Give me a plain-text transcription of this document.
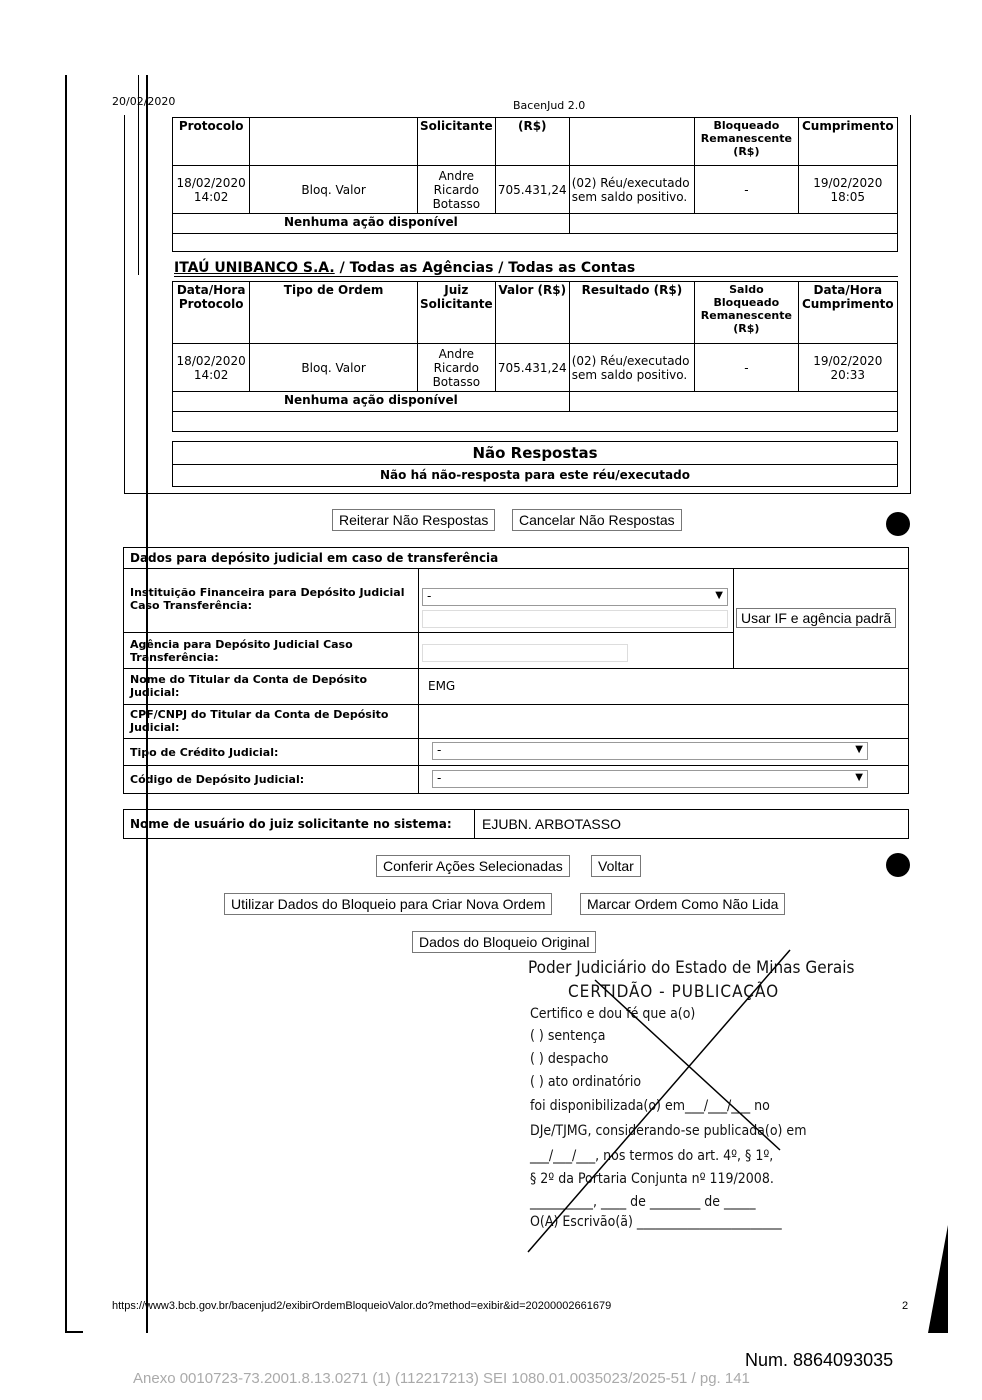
20/02/2020	BacenJud 2.0
Protocolo		Solicitante	(R$)		Bloqueado Remanescente (R$)	Cumprimento
18/02/2020 14:02	Bloq. Valor	Andre Ricardo Botasso	705.431,24	(02) Réu/executado sem saldo positivo.	-	19/02/2020 18:05
Nenhuma ação disponível						

ITAÚ UNIBANCO S.A. / Todas as Agências / Todas as Contas
Data/Hora Protocolo	Tipo de Ordem	Juiz Solicitante	Valor (R$)	Resultado (R$)	Saldo Bloqueado Remanescente (R$)	Data/Hora Cumprimento
18/02/2020 14:02	Bloq. Valor	Andre Ricardo Botasso	705.431,24	(02) Réu/executado sem saldo positivo.	-	19/02/2020 20:33
Nenhuma ação disponível						

Não Respostas
Não há não-resposta para este réu/executado
Reiterar Não Respostas	Cancelar Não Respostas
Dados para depósito judicial em caso de transferência
Instituição Financeira para Depósito Judicial Caso Transferência:
-	▼
Usar IF e agência padrã
Agência para Depósito Judicial Caso Transferência:
Nome do Titular da Conta de Depósito Judicial:	EMG
CPF/CNPJ do Titular da Conta de Depósito Judicial:
Tipo de Crédito Judicial:	-	▼
Código de Depósito Judicial:	-	▼
Nome de usuário do juiz solicitante no sistema: EJUBN. ARBOTASSO
Conferir Ações Selecionadas	Voltar
Utilizar Dados do Bloqueio para Criar Nova Ordem	Marcar Ordem Como Não Lida
Dados do Bloqueio Original
Poder Judiciário do Estado de Minas Gerais
CERTIDÃO - PUBLICAÇÃO
Certifico e dou fé que a(o)
( ) sentença
( ) despacho
( ) ato ordinatório
foi disponibilizada(o) em___/___/___ no
DJe/TJMG, considerando-se publicada(o) em
___/___/___, nos termos do art. 4º, § 1º,
§ 2º da Portaria Conjunta nº 119/2008.
__________, ____ de ________ de _____
O(A) Escrivão(ã) _______________________
https://www3.bcb.gov.br/bacenjud2/exibirOrdemBloqueioValor.do?method=exibir&id=20200002661679	2
Num. 8864093035
Anexo 0010723-73.2001.8.13.0271 (1) (112217213) SEI 1080.01.0035023/2025-51 / pg. 141
